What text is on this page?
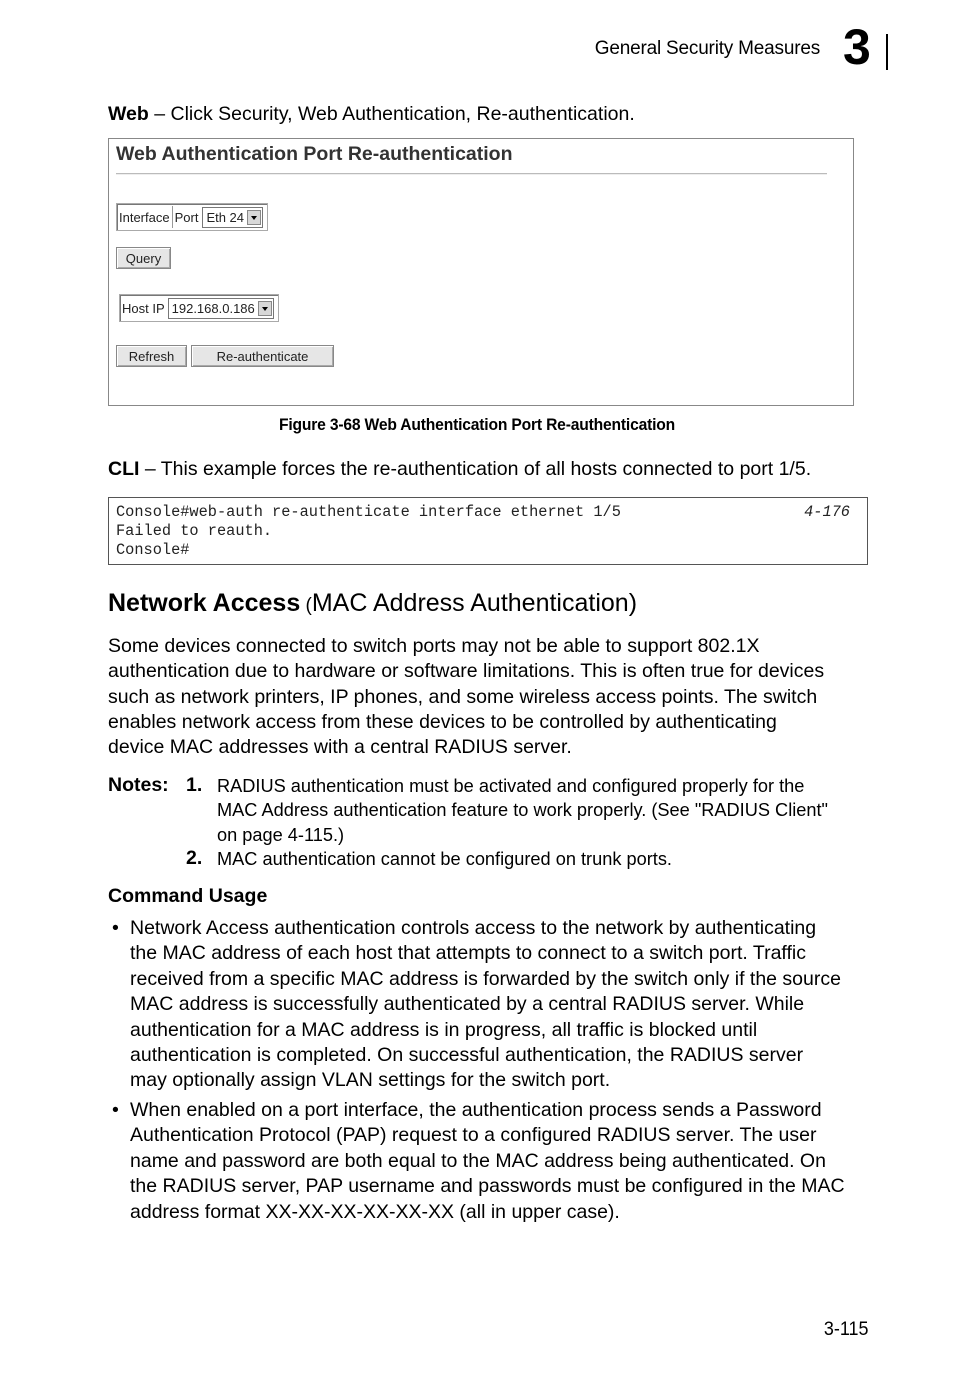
General Security Measures 3
Web – Click Security, Web Authentication, Re-authentication.
Web Authentication Port Re-authentication
Interface Port Eth 24
Query
Host IP 192.168.0.186
Refresh	Re-authenticate
Figure 3-68 Web Authentication Port Re-authentication
CLI – This example forces the re-authentication of all hosts connected to port 1/5.
Console#web-auth re-authenticate interface ethernet 1/5
Failed to reauth.
Console#
4-176
Network Access (MAC Address Authentication)
Some devices connected to switch ports may not be able to support 802.1X
authentication due to hardware or software limitations. This is often true for devices
such as network printers, IP phones, and some wireless access points. The switch
enables network access from these devices to be controlled by authenticating
device MAC addresses with a central RADIUS server.
Notes: 1. RADIUS authentication must be activated and configured properly for the
MAC Address authentication feature to work properly. (See "RADIUS Client"
on page 4-115.)
2. MAC authentication cannot be configured on trunk ports.
Command Usage
• Network Access authentication controls access to the network by authenticating
the MAC address of each host that attempts to connect to a switch port. Traffic
received from a specific MAC address is forwarded by the switch only if the source
MAC address is successfully authenticated by a central RADIUS server. While
authentication for a MAC address is in progress, all traffic is blocked until
authentication is completed. On successful authentication, the RADIUS server
may optionally assign VLAN settings for the switch port.
• When enabled on a port interface, the authentication process sends a Password
Authentication Protocol (PAP) request to a configured RADIUS server. The user
name and password are both equal to the MAC address being authenticated. On
the RADIUS server, PAP username and passwords must be configured in the MAC
address format XX-XX-XX-XX-XX-XX (all in upper case).
3-115
